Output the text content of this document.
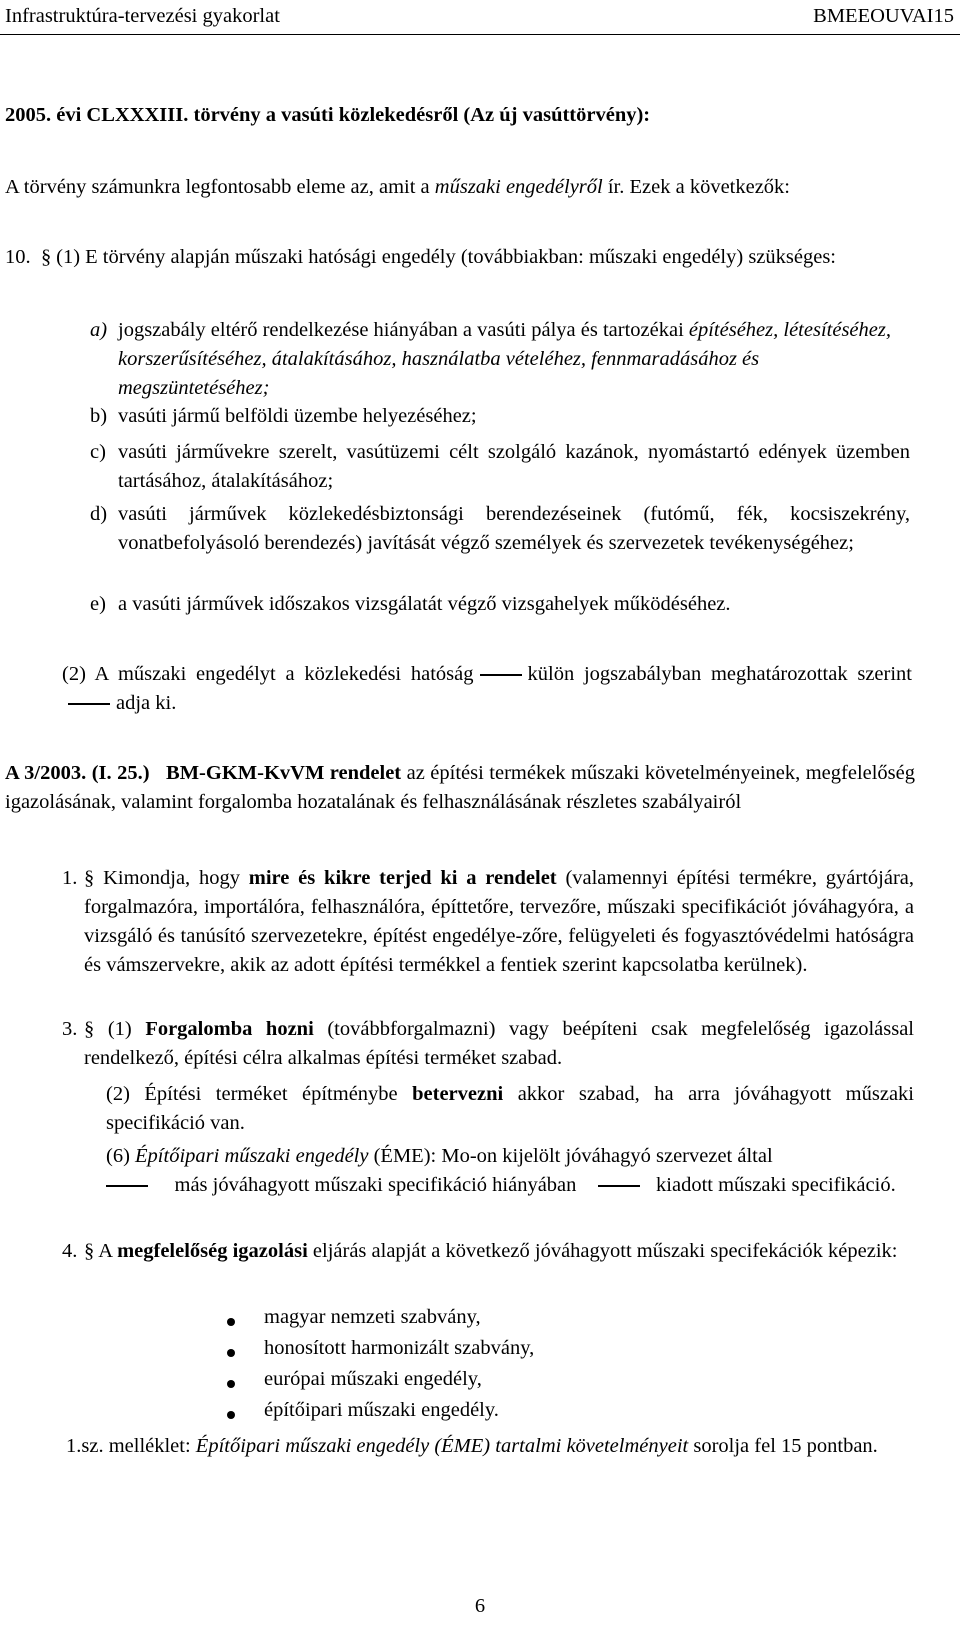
Infrastruktúra-tervezési gyakorlat	BMEEOUVAI15
2005. évi CLXXXIII. törvény a vasúti közlekedésről (Az új vasúttörvény):
A törvény számunkra legfontosabb eleme az, amit a műszaki engedélyről ír. Ezek a következők:
10. § (1) E törvény alapján műszaki hatósági engedély (továbbiakban: műszaki engedély) szükséges:
a) jogszabály eltérő rendelkezése hiányában a vasúti pálya és tartozékai építéséhez, létesítéséhez, korszerűsítéséhez, átalakításához, használatba vételéhez, fennmaradásához és megszüntetéséhez;
b) vasúti jármű belföldi üzembe helyezéséhez;
c) vasúti járművekre szerelt, vasútüzemi célt szolgáló kazánok, nyomástartó edények üzemben tartásához, átalakításához;
d) vasúti járművek közlekedésbiztonsági berendezéseinek (futómű, fék, kocsiszekrény, vonatbefolyásoló berendezés) javítását végző személyek és szervezetek tevékenységéhez;
e) a vasúti járművek időszakos vizsgálatát végző vizsgahelyek működéséhez.
(2) A műszaki engedélyt a közlekedési hatóság	külön jogszabályban meghatározottak szerintadja ki.
A 3/2003. (I. 25.) BM-GKM-KvVM rendelet az építési termékek műszaki követelményeinek, megfelelőség igazolásának, valamint forgalomba hozatalának és felhasználásának részletes szabályairól
1. § Kimondja, hogy mire és kikre terjed ki a rendelet (valamennyi építési termékre, gyártójára, forgalmazóra, importálóra, felhasználóra, építtetőre, tervezőre, műszaki specifikációt jóváhagyóra, a vizsgáló és tanúsító szervezetekre, építést engedélye-zőre, felügyeleti és fogyasztóvédelmi hatóságra és vámszervekre, akik az adott építési termékkel a fentiek szerint kapcsolatba kerülnek).
3. § (1) Forgalomba hozni (továbbforgalmazni) vagy beépíteni csak megfelelőség igazolással rendelkező, építési célra alkalmas építési terméket szabad.
(2) Építési terméket építménybe betervezni akkor szabad, ha arra jóváhagyott műszaki specifikáció van.
(6) Építőipari műszaki engedély (ÉME): Mo-on kijelölt jóváhagyó szervezet által
más jóváhagyott műszaki specifikáció hiányában	kiadott műszaki specifikáció.
4. § A megfelelőség igazolási eljárás alapját a következő jóváhagyott műszaki specifekációk képezik:
magyar nemzeti szabvány,
honosított harmonizált szabvány,
európai műszaki engedély,
építőipari műszaki engedély.
1.sz. melléklet: Építőipari műszaki engedély (ÉME) tartalmi követelményeit sorolja fel 15 pontban.
6
